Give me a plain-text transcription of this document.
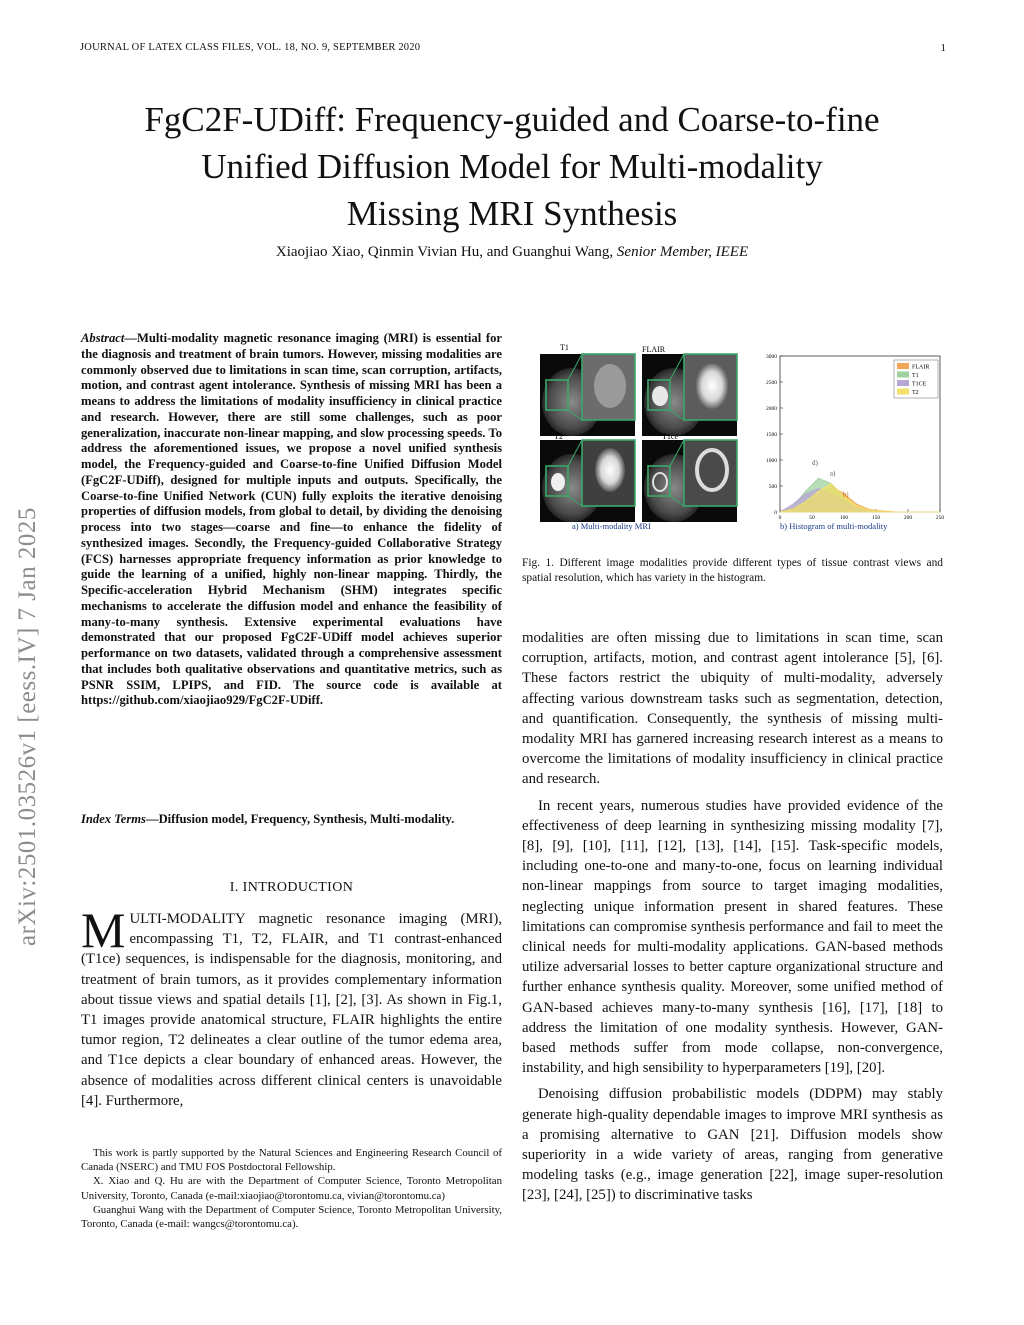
JOURNAL OF LATEX CLASS FILES, VOL. 18, NO. 9, SEPTEMBER 2020	1
FgC2F-UDiff: Frequency-guided and Coarse-to-fine
Unified Diffusion Model for Multi-modality
Missing MRI Synthesis
Xiaojiao Xiao, Qinmin Vivian Hu, and Guanghui Wang, Senior Member, IEEE
arXiv:2501.03526v1 [eess.IV] 7 Jan 2025
Abstract—Multi-modality magnetic resonance imaging (MRI) is essential for the diagnosis and treatment of brain tumors. However, missing modalities are commonly observed due to limitations in scan time, scan corruption, artifacts, motion, and contrast agent intolerance. Synthesis of missing MRI has been a means to address the limitations of modality insufficiency in clinical practice and research. However, there are still some challenges, such as poor generalization, inaccurate non-linear mapping, and slow processing speeds. To address the aforementioned issues, we propose a novel unified synthesis model, the Frequency-guided and Coarse-to-fine Unified Diffusion Model (FgC2F-UDiff), designed for multiple inputs and outputs. Specifically, the Coarse-to-fine Unified Network (CUN) fully exploits the iterative denoising properties of diffusion models, from global to detail, by dividing the denoising process into two stages—coarse and fine—to enhance the fidelity of synthesized images. Secondly, the Frequency-guided Collaborative Strategy (FCS) harnesses appropriate frequency information as prior knowledge to guide the learning of a unified, highly non-linear mapping. Thirdly, the Specific-acceleration Hybrid Mechanism (SHM) integrates specific mechanisms to accelerate the diffusion model and enhance the feasibility of many-to-many synthesis. Extensive experimental evaluations have demonstrated that our proposed FgC2F-UDiff model achieves superior performance on two datasets, validated through a comprehensive assessment that includes both qualitative observations and quantitative metrics, such as PSNR SSIM, LPIPS, and FID. The source code is available at https://github.com/xiaojiao929/FgC2F-UDiff.
Index Terms—Diffusion model, Frequency, Synthesis, Multi-modality.
I. INTRODUCTION
MULTI-MODALITY magnetic resonance imaging (MRI), encompassing T1, T2, FLAIR, and T1 contrast-enhanced (T1ce) sequences, is indispensable for the diagnosis, monitoring, and treatment of brain tumors, as it provides complementary information about tissue views and spatial details [1], [2], [3]. As shown in Fig.1, T1 images provide anatomical structure, FLAIR highlights the entire tumor region, T2 delineates a clear outline of the tumor edema area, and T1ce depicts a clear boundary of enhanced areas. However, the absence of modalities across different clinical centers is unavoidable [4]. Furthermore,

This work is partly supported by the Natural Sciences and Engineering Research Council of Canada (NSERC) and TMU FOS Postdoctoral Fellowship.

X. Xiao and Q. Hu are with the Department of Computer Science, Toronto Metropolitan University, Toronto, Canada (e-mail:xiaojiao@torontomu.ca, vivian@torontomu.ca)

Guanghui Wang with the Department of Computer Science, Toronto Metropolitan University, Toronto, Canada (e-mail: wangcs@torontomu.ca).

T1	FLAIR
T2	T1ce
0
500
1000
1500
2000
2500
3000
0	50	100	150	200	250
FLAIR
T1
T1CE
T2
d)
a)
b)
a) Multi-modality MRI	b) Histogram of multi-modality
Fig. 1. Different image modalities provide different types of tissue contrast views and spatial resolution, which has variety in the histogram.

modalities are often missing due to limitations in scan time, scan corruption, artifacts, motion, and contrast agent intolerance [5], [6]. These factors restrict the ubiquity of multi-modality, adversely affecting various downstream tasks such as segmentation, detection, and quantification. Consequently, the synthesis of missing multi-modality MRI has garnered increasing research interest as a means to overcome the limitations of modality insufficiency in clinical practice and research.

In recent years, numerous studies have provided evidence of the effectiveness of deep learning in synthesizing missing modality [7], [8], [9], [10], [11], [12], [13], [14], [15]. Task-specific models, including one-to-one and many-to-one, focus on learning individual non-linear mappings from source to target imaging modalities, neglecting unique information present in shared features. These limitations can compromise synthesis performance and fail to meet the clinical needs for multi-modality applications. GAN-based methods utilize adversarial losses to better capture organizational structure and further enhance synthesis quality. Moreover, some unified method of GAN-based achieves many-to-many synthesis [16], [17], [18] to address the limitation of one modality synthesis. However, GAN-based methods suffer from mode collapse, non-convergence, instability, and high sensibility to hyperparameters [19], [20].

Denoising diffusion probabilistic models (DDPM) may stably generate high-quality dependable images to improve MRI synthesis as a promising alternative to GAN [21]. Diffusion models show superiority in a wide variety of areas, ranging from generative modeling tasks (e.g., image generation [22], image super-resolution [23], [24], [25]) to discriminative tasks
